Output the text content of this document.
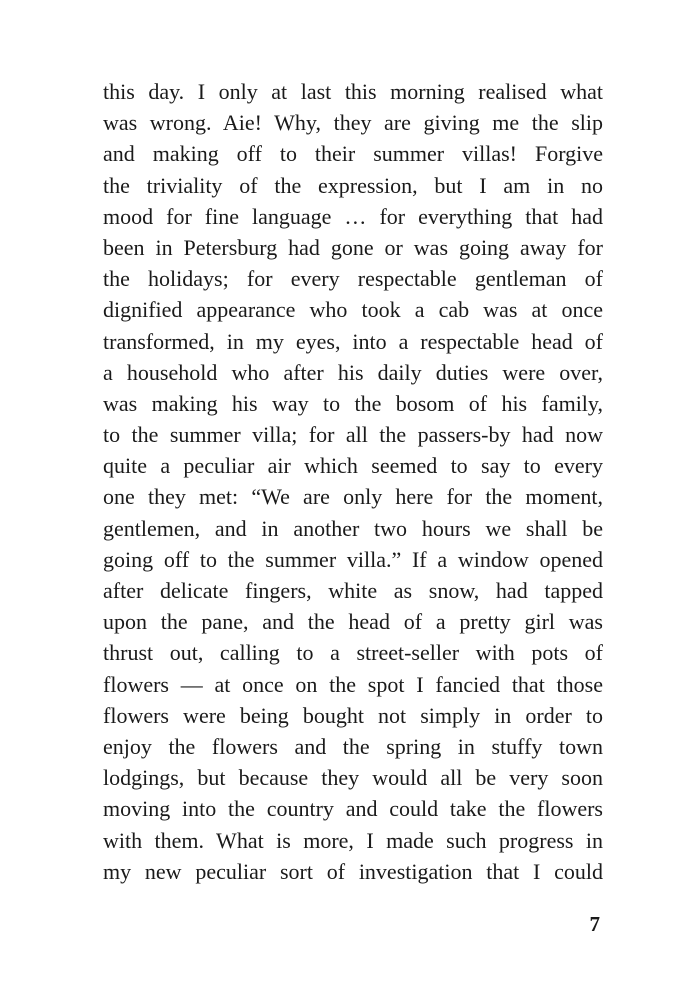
this day. I only at last this morning realised what
was wrong. Aie! Why, they are giving me the slip
and making off to their summer villas! Forgive
the triviality of the expression, but I am in no
mood for fine language … for everything that had
been in Petersburg had gone or was going away for
the holidays; for every respectable gentleman of
dignified appearance who took a cab was at once
transformed, in my eyes, into a respectable head of
a household who after his daily duties were over,
was making his way to the bosom of his family,
to the summer villa; for all the passers-by had now
quite a peculiar air which seemed to say to every
one they met: “We are only here for the moment,
gentlemen, and in another two hours we shall be
going off to the summer villa.” If a window opened
after delicate fingers, white as snow, had tapped
upon the pane, and the head of a pretty girl was
thrust out, calling to a street-seller with pots of
flowers — at once on the spot I fancied that those
flowers were being bought not simply in order to
enjoy the flowers and the spring in stuffy town
lodgings, but because they would all be very soon
moving into the country and could take the flowers
with them. What is more, I made such progress in
my new peculiar sort of investigation that I could
7
